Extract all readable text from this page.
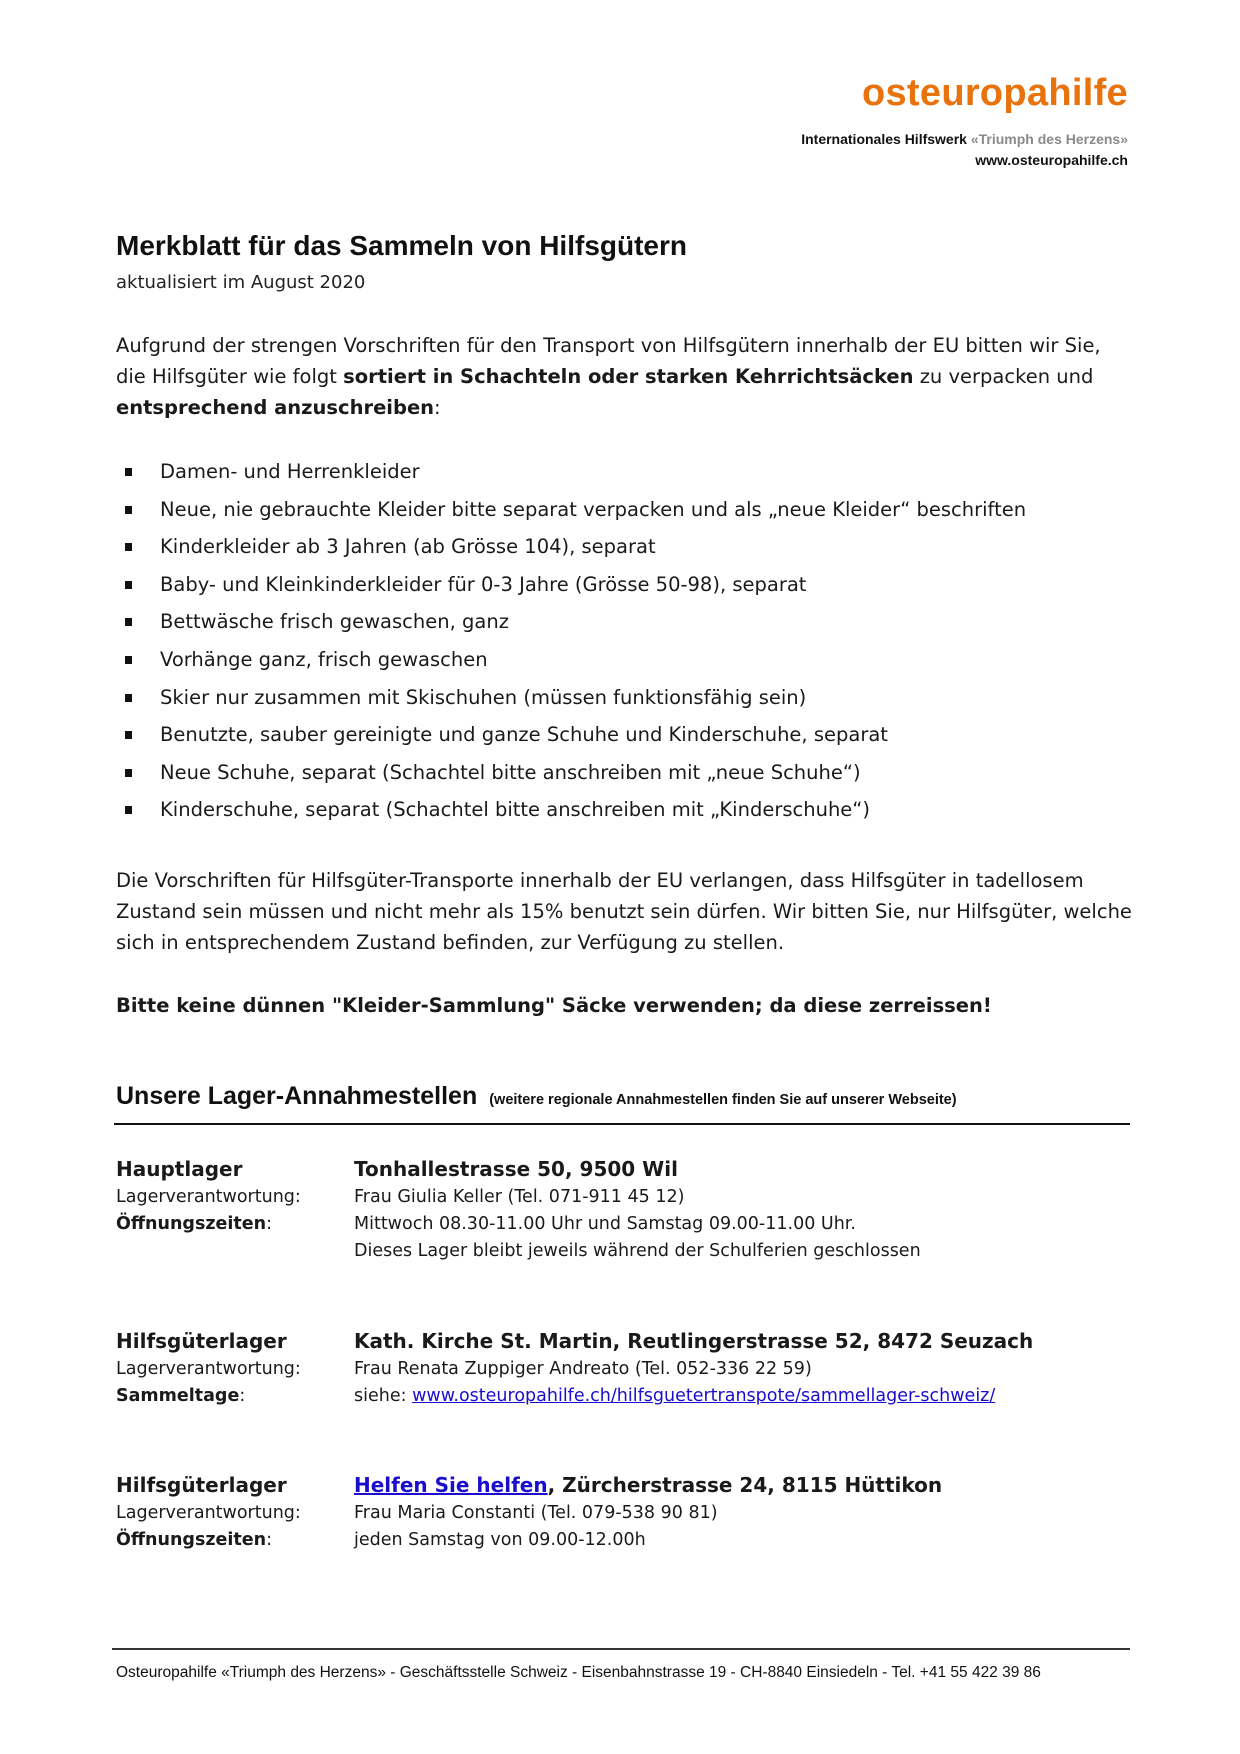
osteuropahilfe
Internationales Hilfswerk «Triumph des Herzens»
www.osteuropahilfe.ch
Merkblatt für das Sammeln von Hilfsgütern
aktualisiert im August 2020
Aufgrund der strengen Vorschriften für den Transport von Hilfsgütern innerhalb der EU bitten wir Sie, die Hilfsgüter wie folgt sortiert in Schachteln oder starken Kehrrichtsäcken zu verpacken und entsprechend anzuschreiben:
Damen- und Herrenkleider
Neue, nie gebrauchte Kleider bitte separat verpacken und als „neue Kleider“ beschriften
Kinderkleider ab 3 Jahren (ab Grösse 104), separat
Baby- und Kleinkinderkleider für 0-3 Jahre (Grösse 50-98), separat
Bettwäsche frisch gewaschen, ganz
Vorhänge ganz, frisch gewaschen
Skier nur zusammen mit Skischuhen (müssen funktionsfähig sein)
Benutzte, sauber gereinigte und ganze Schuhe und Kinderschuhe, separat
Neue Schuhe, separat (Schachtel bitte anschreiben mit „neue Schuhe“)
Kinderschuhe, separat (Schachtel bitte anschreiben mit „Kinderschuhe“)
Die Vorschriften für Hilfsgüter-Transporte innerhalb der EU verlangen, dass Hilfsgüter in tadellosem Zustand sein müssen und nicht mehr als 15% benutzt sein dürfen. Wir bitten Sie, nur Hilfsgüter, welche sich in entsprechendem Zustand befinden, zur Verfügung zu stellen.
Bitte keine dünnen "Kleider-Sammlung" Säcke verwenden; da diese zerreissen!
Unsere Lager-Annahmestellen (weitere regionale Annahmestellen finden Sie auf unserer Webseite)
Hauptlager	Tonhallestrasse 50, 9500 Wil
Lagerverantwortung:	Frau Giulia Keller (Tel. 071-911 45 12)
Öffnungszeiten:	Mittwoch 08.30-11.00 Uhr und Samstag 09.00-11.00 Uhr.
Dieses Lager bleibt jeweils während der Schulferien geschlossen
Hilfsgüterlager	Kath. Kirche St. Martin, Reutlingerstrasse 52, 8472 Seuzach
Lagerverantwortung:	Frau Renata Zuppiger Andreato (Tel. 052-336 22 59)
Sammeltage:	siehe: www.osteuropahilfe.ch/hilfsguetertranspote/sammellager-schweiz/
Hilfsgüterlager	Helfen Sie helfen, Zürcherstrasse 24, 8115 Hüttikon
Lagerverantwortung:	Frau Maria Constanti (Tel. 079-538 90 81)
Öffnungszeiten:	jeden Samstag von 09.00-12.00h
Osteuropahilfe «Triumph des Herzens» - Geschäftsstelle Schweiz - Eisenbahnstrasse 19 - CH-8840 Einsiedeln - Tel. +41 55 422 39 86
